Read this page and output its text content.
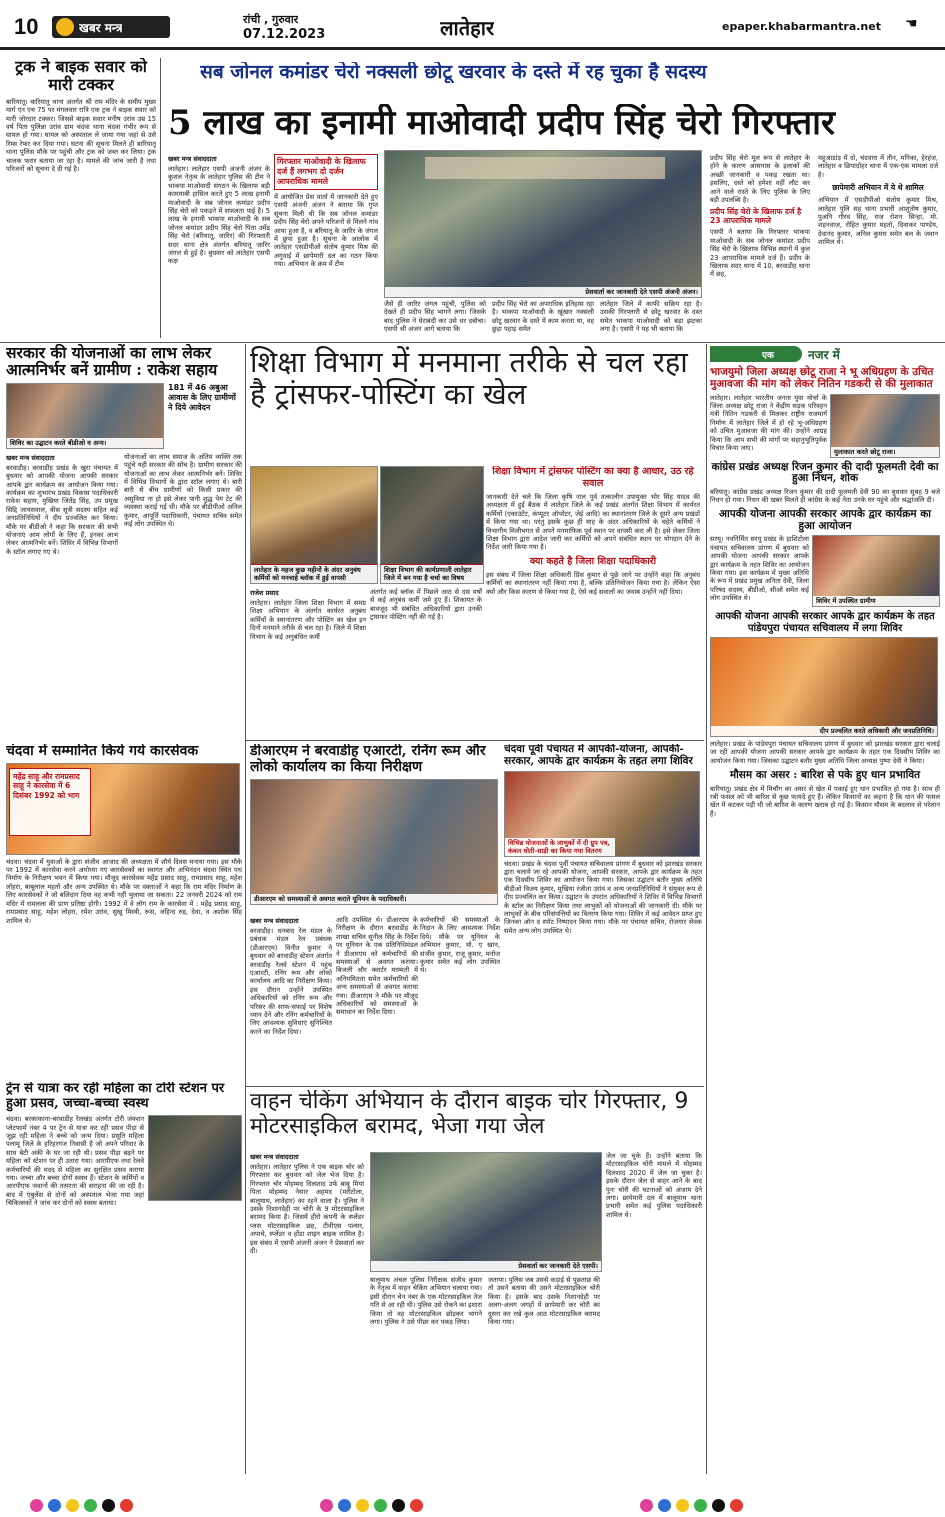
10	खबर मन्त्र
रांची , गुरुवार
07.12.2023	लातेहार	epaper.khabarmantra.net ☚
ट्रक ने बाइक सवार को मारी टक्कर
बारियातू। बारियातू थाना अंतर्गत श्री राम मंदिर के समीप मुख्य मार्ग एन एच 75 पर मंगलवार रात्रि एक ट्रक ने बाइक सवार को मारी जोरदार टक्कर। जिससे बाइक सवार मनीष उरांव उम्र 15 वर्ष पिता पुलिन्ना उरांव ग्राम चंदवा थाना चंदवा गंभीर रूप से घायल हो गया। घायल को अस्पताल ले जाया गया जहां से उसे रिम्स रेफर कर दिया गया। घटना की सूचना मिलते ही बारियातू थाना पुलिस मौके पर पहुंची और ट्रक को जब्त कर लिया। ट्रक चालक फरार बताया जा रहा है। मामले की जांच जारी है तथा परिजनों को सूचना दे दी गई है।
सब जोनल कमांडर चेरो नक्सली छोटू खरवार के दस्ते में रह चुका है सदस्य
5 लाख का इनामी माओवादी प्रदीप सिंह चेरो गिरफ्तार
खबर मन्त्र संवाददाता
लातेहार। लातेहार एसपी अंजनी अंजन के कुशल नेतृत्व के लातेहार पुलिस की टीम ने भाकपा माओवादी संगठन के खिलाफ बड़ी कामयाबी हासिल करते हुए 5 लाख इनामी माओवादी के सब जोनल कमांडर प्रदीप सिंह चेरो को पकड़ने में सफलता पाई है। 5 लाख के इनामी भाकपा माओवादी के सब जोनल कमांडर प्रदीप सिंह चेरो पिता उमेंद्र सिंह चेरो (बरियातू, जारिर) की गिरफ्तारी सदर थाना क्षेत्र अंतर्गत बरियातू जारिर जंगल से हुई है। बुधवार को लातेहार एसपी कक्ष
गिरफ्तार माओवादी के खिलाफ दर्ज हैं लगभग दो दर्जन आपराधिक मामले
में आयोजित प्रेस वार्ता में जानकारी देते हुए एसपी अंजनी अंजन ने बताया कि गुप्त सूचना मिली थी कि सब जोनल कमांडर प्रदीप सिंह चेरो अपने परिजनों से मिलने गांव आया हुआ है, व बरियातू के जारिर के जंगल में छुपा हुआ है। सूचना के आलोक में लातेहार एसडीपीओ संतोष कुमार मिश्र की अगुवाई में छापेमारी दल का गठन किया गया। अभियान के क्रम में टीम
प्रेसवार्ता कर जानकारी देते एसपी अंजनी अंजन।
जैसे ही जारिर जंगल पहुंची, पुलिस को देखते ही प्रदीप सिंह भागने लगा। जिसके बाद पुलिस ने घेराबंदी कर उसे धर दबोचा। एसपी श्री अंजन आगे बताया कि
प्रदीप सिंह चेरो का अपराधिक इतिहास रहा है। भाकपा माओवादी के खूंखार नक्सली छोटू खरवार के दस्ते में काम करता था, वह छुड़ा पहाड़ समेत
लातेहार जिले में काफी सक्रिय रहा है। उसकी गिरफ्तारी से छोटू खरवार के दस्त समेत भाकपा माओवादी को बड़ा झटका लगा है। एसपी ने यह भी बताया कि
प्रदीप सिंह चेरो मूल रूप से लातेहार के होने के कारण आसपास के इलाकों की अच्छी जानकारी व पकड़ रखता था। इसलिए, दस्ते को हमेशा वहीं लौट कर आने वाले रास्ते के लिए पुलिस के लिए बड़ी उपलब्धि है।
प्रदीप सिंह चेरो के खिलाफ दर्ज है 23 आपराधिक मामले
एसपी ने बताया कि गिरफ्तार भाकपा माओवादी के सब जोनल कमांडर प्रदीप सिंह चेरो के खिलाफ विभिन्न स्थानों में कुल 23 आपराधिक मामले दर्ज हैं। प्रदीप के खिलाफ सदर थाना में 10, बरवाडीह थाना में छह,
महुआडांड़ में दो, चंदवारा में तीन, मनिका, हेरहंज, लातेहार व छिपादोहर थाना में एक-एक मामला दर्ज है।
छापेमारी अभियान में ये थे शामिल
अभियान में एसडीपीओ संतोष कुमार मिश्र, लातेहार पुलि सह थाना प्रभारी आशुतोष कुमार, पुअनि गौरव सिंह, राज रोशन सिन्हा, मो. शहनवाज़, रोहित कुमार महतो, दिवाकर पाण्डेय, देवानंद कुमार, अनिल कुमार समेत बल के जवान शामिल थे।
सरकार की योजनाओं का लाभ लेकर आत्मनिर्भर बनें ग्रामीण : राकेश सहाय
शिविर का उद्घाटन करते बीडीओ व अन्य।
181 में 46 अबुआ आवास के लिए ग्रामीणों ने दिये आवेदन
खबर मन्त्र संवाददाता
बरवाडीह। बरवाडीह प्रखंड के खुरा पंचायत में बुधवार को आपकी योजना आपकी सरकार आपके द्वार कार्यक्रम का आयोजन किया गया। कार्यक्रम का शुभारंभ प्रखंड विकास पदाधिकारी राकेश सहाय, मुखिया जितेंद्र सिंह, उप प्रमुख सिद्दि जायसवाल, बीस सूत्री सदस्य सहित कई जनप्रतिनिधियों ने दीप प्रज्वलित कर किया। मौके पर बीडीओ ने कहा कि सरकार की सभी योजनाएं आम लोगों के लिए हैं, इनका लाभ लेकर आत्मनिर्भर बनें। शिविर में विभिन्न विभागों के स्टॉल लगाए गए थे।
योजनाओं का लाभ समाज के अंतिम व्यक्ति तक पहुंचे यही सरकार की सोच है। ग्रामीण सरकार की योजनाओं का लाभ लेकर आत्मनिर्भर बनें। शिविर में विभिन्न विभागों के द्वारा स्टॉल लगाए थे। बारी बारी से बीच ग्रामीणों को किसी प्रकार की असुविधा ना हो इसे लेकर पानी शुद्ध पेय टेट की व्यवस्था कराई गई थी। मौके पर बीडीपीओ अनिल कुमार, आपूर्ति पदाधिकारी, पंचायत सचिव समेत कई लोग उपस्थित थे।
चंदवा में सम्मानित किये गये कारसेवक
महेंद्र साहू और रामप्रसाद साहू ने कारसेवा में 6 दिसंबर 1992 को भाग
चंदवा। चंदवा में युवाओं के द्वारा संजीव आजाद की अध्यक्षता में शौर्य दिवस मनाया गया। इस मौके पर 1992 में कारसेवा करने अयोध्या गए कारसेवकों का स्वागत और अभिनंदन चंदवा स्थित पथ निर्माण के निरीक्षण भवन में किया गया। मौजूद कारसेवक महेंद्र प्रसाद साहू, रामप्रसाद साहू, महेश लोहरा, बाबूलाल महतो और अन्य उपस्थित थे। मौके पर वक्ताओं ने कहा कि राम मंदिर निर्माण के लिए कारसेवकों ने जो बलिदान दिया वह कभी नहीं भुलाया जा सकता। 22 जनवरी 2024 को राम मंदिर में रामलला की प्राण प्रतिष्ठा होगी। 1992 में वे लोग राम के कारसेवा में : महेंद्र प्रसाद साहू, रामप्रसाद साहू, महेश लोहरा, रमेश उरांव, सुखु मिस्त्री, रूस, जहिन्द रुद्र, देवा, व अशोक सिंह शामिल थे।
ट्रेन से यात्रा कर रही महिला का टोरी स्टेशन पर हुआ प्रसव, जच्चा-बच्चा स्वस्थ
चंदवा। बरकाकाना-बरवाडीह रेलखंड अंतर्गत टोरी जंक्शन प्लेटफार्म नंबर 4 पर ट्रेन से यात्रा कर रही प्रसव पीड़ा से जूझ रही महिला ने बच्चे को जन्म दिया। प्रसूति महिला पलामू जिले के हरिहरगंज निवासी है जो अपने परिवार के साथ बेटी अंकी के घर जा रही थी। प्रसव पीड़ा बढ़ने पर महिला को स्टेशन पर ही उतारा गया। आरपीएफ तथा रेलवे कर्मचारियों की मदद से महिला का सुरक्षित प्रसव कराया गया। जच्चा और बच्चा दोनों स्वस्थ हैं। स्टेशन के कर्मियों व आरपीएफ जवानों की तत्परता की सराहना की जा रही है। बाद में एंबुलेंस से दोनों को अस्पताल भेजा गया जहां चिकित्सकों ने जांच कर दोनों को स्वस्थ बताया।
शिक्षा विभाग में मनमाना तरीके से चल रहा है ट्रांसफर-पोस्टिंग का खेल
शिक्षा विभाग में ट्रांसफर पोस्टिंग का क्या है आधार, उठ रहे सवाल
जानकारी देते चले कि जिला कृषि नाल पूर्व तत्कालीन उपायुक्त भोर सिंह यादव की अध्यक्षता में हुई बैठक में लातेहार जिले के कई प्रखंड अंतर्गत शिक्षा विभाग में कार्यरत कर्मियों (एकाउंटेंट, कंप्यूटर ऑपरेटर, जेई आदि) का स्थानांतरण जिले के दूसरे अन्य प्रखंडों में किया गया था। परंतु इसके कुछ ही माह के अंदर अधिकारियों के चहेते कर्मियों ने विभागीय मिलीभगत से अपने मनमाफिक पूर्व स्थान पर वापसी करा ली है। इसे लेकर जिला शिक्षा विभाग द्वारा आदेश जारी कर कर्मियों को अपने संबंधित स्थान पर योगदान देने के निर्देश जारी किया गया है।
क्या कहते है जिला शिक्षा पदाधिकारी
इस संबंध में जिला शिक्षा अधिकारी प्रिंस कुमार से पूछे जाने पर उन्होंने कहा कि अनुबंध कर्मियों का स्थानांतरण नहीं किया गया है, बल्कि प्रतिनियोजन किया गया है। लेकिन ऐसा क्यों और किस कारण से किया गया है, ऐसे कई सवालों का जवाब उन्होंने नहीं दिया।
लातेहार के महज कुछ महीनों के अंदर अनुबंध कर्मियों को मनचाहे ब्लॉक में हुई वापसी
शिक्षा विभाग की कार्यप्रणाली लातेहार जिले में बन गया है चर्चा का विषय
राजेश प्रसाद
लातेहार। लातेहार जिला शिक्षा विभाग में समग्र शिक्षा अभियान के अंतर्गत कार्यरत अनुबंध कर्मियों के स्थानांतरण और पोस्टिंग का खेल इन दिनों मनमाने तरीके से चल रहा है। जिले में शिक्षा विभाग के कई अनुबंधित कर्मी
अंतर्गत कई ब्लॉक में पिछले आठ से दस वर्षों से कई अनुबंध कर्मी जमे हुए हैं। शिकायत के बावजूद भी संबंधित अधिकारियों द्वारा उनकी ट्रांसफर पोस्टिंग नहीं की गई है।
डीआरएम ने बरवाडीह एआरटी, रनिंग रूम और लोको कार्यालय का किया निरीक्षण
डीआरएम को समस्याओं से अवगत कराते यूनियन के पदाधिकारी।
खबर मन्त्र संवाददाता
बरवाडीह। धनबाद रेल मंडल के प्रबंधक मंडल रेल प्रबंधक (डीआरएम) विनीत कुमार ने बुधवार को बरवाडीह स्टेशन अंतर्गत बरवाडीह रेलवे स्टेशन में पहुंच एआरटी, रनिंग रूम और लोको कार्यालय आदि का निरीक्षण किया। इस दौरान उन्होंने उपस्थित अधिकारियों को रनिंग रूम और परिसर की साफ-सफाई पर विशेष ध्यान देने और रनिंग कर्मचारियों के लिए आवश्यक सुविधाएं सुनिश्चित करने का निर्देश दिया।
आदि उपस्थित थे। डीआरएम के निरीक्षण के दौरान बरवाडीह के शाखा सचिव सुनील सिंह के निर्देश पर यूनियन के एक प्रतिनिधिमंडल ने डीआरएम को कर्मचारियों की समस्याओं से अवगत कराया। बिजली और क्वार्टर मरम्मती में अनियमितता समेत कर्मचारियों की अन्य समस्याओं से अवगत कराया गया। डीआरएम ने मौके पर मौजूद अधिकारियों को समस्याओं के समाधान का निर्देश दिया।
कर्मचारियों की समस्याओं के निदान के लिए आवश्यक निर्देश दिये। मौके पर यूनियन के अभिमान कुमार, मो. ए खान, संजीव कुमार, राजू कुमार, मनोज कुमार समेत कई लोग उपस्थित थे।
चंदवा पूर्वी पंचायत में आपकी-योजना, आपकी-सरकार, आपके द्वार कार्यक्रम के तहत लगा शिविर
विभिन्न योजनाओं के लाभुकों में दी ग्रुप पत्र, कंबल धोती-साड़ी का किया गया वितरण
चंदवा। प्रखंड के चंदवा पूर्वी पंचायत सचिवालय प्रांगण में बुधवार को झारखंड सरकार द्वारा चलाये जा रहे आपकी योजना, आपकी सरकार, आपके द्वार कार्यक्रम के तहत एक दिवसीय शिविर का आयोजन किया गया। जिसका उद्घाटन बतौर मुख्य अतिथि बीडीओ विजय कुमार, मुखिया रंजीता उरांव व अन्य जनप्रतिनिधियों ने संयुक्त रूप से दीप प्रज्वलित कर किया। उद्घाटन के उपरांत अधिकारियों ने शिविर में विभिन्न विभागों के स्टॉल का निरीक्षण किया तथा लाभुकों को योजनाओं की जानकारी दी। मौके पर लाभुकों के बीच परिसंपत्तियों का वितरण किया गया। शिविर में कई आवेदन प्राप्त हुए जिनका ऑन द स्पॉट निष्पादन किया गया। मौके पर पंचायत सचिव, रोजगार सेवक समेत अन्य लोग उपस्थित थे।
वाहन चेकिंग अभियान के दौरान बाइक चोर गिरफ्तार, 9 मोटरसाइकिल बरामद, भेजा गया जेल
प्रेसवार्ता कर जानकारी देते एसपी।
खबर मन्त्र संवाददाता
लातेहार। लातेहार पुलिस ने एक बाइक चोर को गिरफ्तार कर बुधवार को जेल भेज दिया है। गिरफ्तार चोर मोहम्मद दिलशाद उर्फ बाबू मियां पिता मोहम्मद नेसार अहमद (मरीटोला, बालूमाथ, लातेहार) का रहने वाला है। पुलिस ने उसके निशानदेही पर चोरी के 9 मोटरसाइकिल बरामद किया है। जिसमें हीरो कंपनी के स्प्लेंडर प्लस मोटरसाइकिल छह, टीवीएस पल्सर, अपाचे, स्प्लेंडर व होंडा शाइन बाइक शामिल है। इस संबंध में एसपी अंजनी अंजन ने प्रेसवार्ता कर दी।
बालूमाथ अंचल पुलिस निरीक्षक संजीव कुमार के नेतृत्व में वाहन चेकिंग अभियान चलाया गया। इसी दौरान चेन नंबर के एक मोटरसाइकिल तेज गति से आ रही थी। पुलिस उसे रोकने का इशारा किया तो वह मोटरसाइकिल छोड़कर भागने लगा। पुलिस ने उसे पीछा कर पकड़ लिया।
जताया। पुलिस जब उससे कड़ाई से पूछताछ की तो उसने बताया की उसने मोटरसाइकिल चोरी किया है। इसके बाद उसके निशानदेही पर अलग-अलग जगहों में छापेमारी कर चोरी का दूसरा कर रखे कुल आठ मोटरसाइकिल बरामद किया गया।
जेल जा चुके हैं। उन्होंने बताया कि मोटरसाइकिल चोरी मामले में मोहम्मद दिलशाद 2020 में जेल जा चुका है। इसके दौरान जेल से बाहर आने के बाद पुनः चोरी की घटनाओं को अंजाम देने लगा। छापेमारी दल में बालूमाथ थाना प्रभारी समेत कई पुलिस पदाधिकारी शामिल थे।
एक	नजर में
भाजयुमो जिला अध्यक्ष छोटू राजा ने भू अधिग्रहण के उचित मुआवजा की मांग को लेकर नितिन गडकरी से की मुलाकात
मुलाकात करते छोटू राजा।
लातेहार। लातेहार भारतीय जनता युवा मोर्चा के जिला अध्यक्ष छोटू राजा ने केंद्रीय सड़क परिवहन मंत्री नितिन गडकरी से मिलकर राष्ट्रीय राजमार्ग निर्माण में लातेहार जिले में हो रहे भू-अधिग्रहण को उचित मुआवजा की मांग की। उन्होंने आग्रह किया कि आप सभी की मांगों पर सहानुभूतिपूर्वक विचार किया जाए।
कांग्रेस प्रखंड अध्यक्ष रिजन कुमार की दादी फूलमती देवी का हुआ निधन, शोक
बरियातू। कांग्रेस प्रखंड अध्यक्ष रिजन कुमार की दादी फूलमती देवी 90 का बुधवार सुबह 9 बजे निधन हो गया। निधन की खबर मिलते ही कांग्रेस के कई नेता उनके घर पहुंचे और श्रद्धांजलि दी।
आपकी योजना आपकी सरकार आपके द्वार कार्यक्रम का हुआ आयोजन
शिविर में उपस्थित ग्रामीण
सरयू। नवनिर्मित सरयू प्रखंड के हाशिटोला पंचायत सचिवालय प्रांगण में बुधवार को आपकी योजना आपकी सरकार आपके द्वार कार्यक्रम के तहत शिविर का आयोजन किया गया। इस कार्यक्रम में मुख्य अतिथि के रूप में प्रखंड प्रमुख अनिता देवी, जिला परिषद सदस्य, बीडीओ, सीओ समेत कई लोग उपस्थित थे।
आपकी योजना आपकी सरकार आपके द्वार कार्यक्रम के तहत पांडेयपुरा पंचायत सचिवालय में लगा शिविर
दीप प्रज्वलित करते अधिकारी और जनप्रतिनिधि।
लातेहार। प्रखंड के पांडेयपुरा पंचायत सचिवालय प्रांगण में बुधवार को झारखंड सरकार द्वारा चलाई जा रही आपकी योजना आपकी सरकार आपके द्वार कार्यक्रम के तहत एक दिवसीय शिविर का आयोजन किया गया। जिसका उद्घाटन बतौर मुख्य अतिथि जिला अध्यक्ष पुष्पा देवी ने किया।
मौसम का असर : बारिश से पके हुए धान प्रभावित
बारियातू। प्रखंड क्षेत्र में मिचौंग का असर से खेत में पकाई हुए धान प्रभावित हो गया है। साथ ही रबी फसल को भी बारिश से कुछ फायदे हुए हैं। लेकिन किसानों का कहना है कि धान की फसल खेत में कटकर पड़ी थी जो बारिश के कारण खराब हो गई है। किसान मौसम के बदलाव से परेशान हैं।
